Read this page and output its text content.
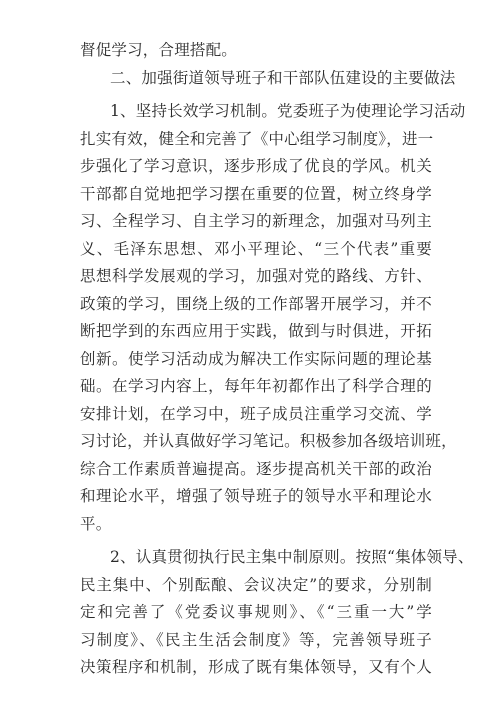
督促学习，合理搭配。
二、加强街道领导班子和干部队伍建设的主要做法
1、坚持长效学习机制。党委班子为使理论学习活动
扎实有效，健全和完善了《中心组学习制度》，进一
步强化了学习意识，逐步形成了优良的学风。机关
干部都自觉地把学习摆在重要的位置，树立终身学
习、全程学习、自主学习的新理念，加强对马列主
义、毛泽东思想、邓小平理论、“三个代表”重要
思想科学发展观的学习，加强对党的路线、方针、
政策的学习，围绕上级的工作部署开展学习，并不
断把学到的东西应用于实践，做到与时俱进，开拓
创新。使学习活动成为解决工作实际问题的理论基
础。在学习内容上，每年年初都作出了科学合理的
安排计划，在学习中，班子成员注重学习交流、学
习讨论，并认真做好学习笔记。积极参加各级培训班，
综合工作素质普遍提高。逐步提高机关干部的政治
和理论水平，增强了领导班子的领导水平和理论水
平。
2、认真贯彻执行民主集中制原则。按照“集体领导、
民主集中、个别酝酿、会议决定”的要求，分别制
定和完善了《党委议事规则》、《“三重一大”学
习制度》、《民主生活会制度》等，完善领导班子
决策程序和机制，形成了既有集体领导，又有个人
